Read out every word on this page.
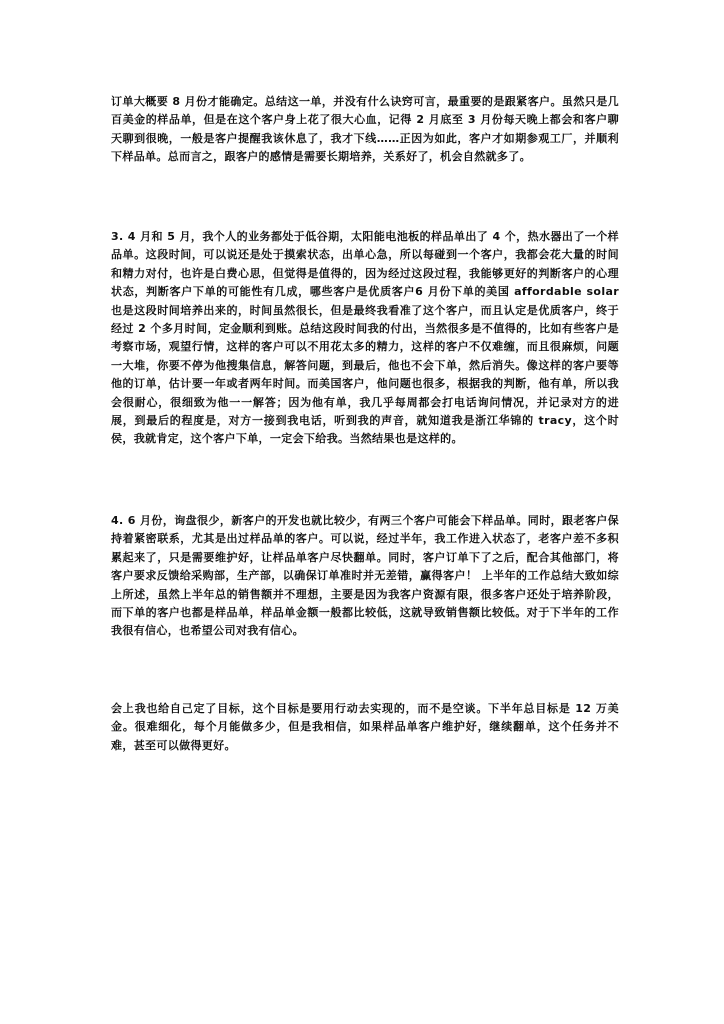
订单大概要 8 月份才能确定。总结这一单，并没有什么诀窍可言，最重要的是跟紧客户。虽然只是几百美金的样品单，但是在这个客户身上花了很大心血，记得 2 月底至 3 月份每天晚上都会和客户聊天聊到很晚，一般是客户提醒我该休息了，我才下线……正因为如此，客户才如期参观工厂，并顺利下样品单。总而言之，跟客户的感情是需要长期培养，关系好了，机会自然就多了。

3. 4 月和 5 月，我个人的业务都处于低谷期，太阳能电池板的样品单出了 4 个，热水器出了一个样品单。这段时间，可以说还是处于摸索状态，出单心急，所以每碰到一个客户，我都会花大量的时间和精力对付，也许是白费心思，但觉得是值得的，因为经过这段过程，我能够更好的判断客户的心理状态，判断客户下单的可能性有几成，哪些客户是优质客户6 月份下单的美国 affordable solar 也是这段时间培养出来的，时间虽然很长，但是最终我看准了这个客户，而且认定是优质客户，终于经过 2 个多月时间，定金顺利到账。总结这段时间我的付出，当然很多是不值得的，比如有些客户是考察市场，观望行情，这样的客户可以不用花太多的精力，这样的客户不仅难缠，而且很麻烦，问题一大堆，你要不停为他搜集信息，解答问题，到最后，他也不会下单，然后消失。像这样的客户要等他的订单，估计要一年或者两年时间。而美国客户，他问题也很多，根据我的判断，他有单，所以我会很耐心，很细致为他一一解答；因为他有单，我几乎每周都会打电话询问情况，并记录对方的进展，到最后的程度是，对方一接到我电话，听到我的声音，就知道我是浙江华锦的 tracy，这个时侯，我就肯定，这个客户下单，一定会下给我。当然结果也是这样的。

4. 6 月份，询盘很少，新客户的开发也就比较少，有两三个客户可能会下样品单。同时，跟老客户保持着紧密联系，尤其是出过样品单的客户。可以说，经过半年，我工作进入状态了，老客户差不多积累起来了，只是需要维护好，让样品单客户尽快翻单。同时，客户订单下了之后，配合其他部门，将客户要求反馈给采购部，生产部，以确保订单准时并无差错，赢得客户！ 上半年的工作总结大致如综上所述，虽然上半年总的销售额并不理想，主要是因为我客户资源有限，很多客户还处于培养阶段，而下单的客户也都是样品单，样品单金额一般都比较低，这就导致销售额比较低。对于下半年的工作我很有信心，也希望公司对我有信心。

会上我也给自己定了目标，这个目标是要用行动去实现的，而不是空谈。下半年总目标是 12 万美金。很难细化，每个月能做多少，但是我相信，如果样品单客户维护好，继续翻单，这个任务并不难，甚至可以做得更好。
